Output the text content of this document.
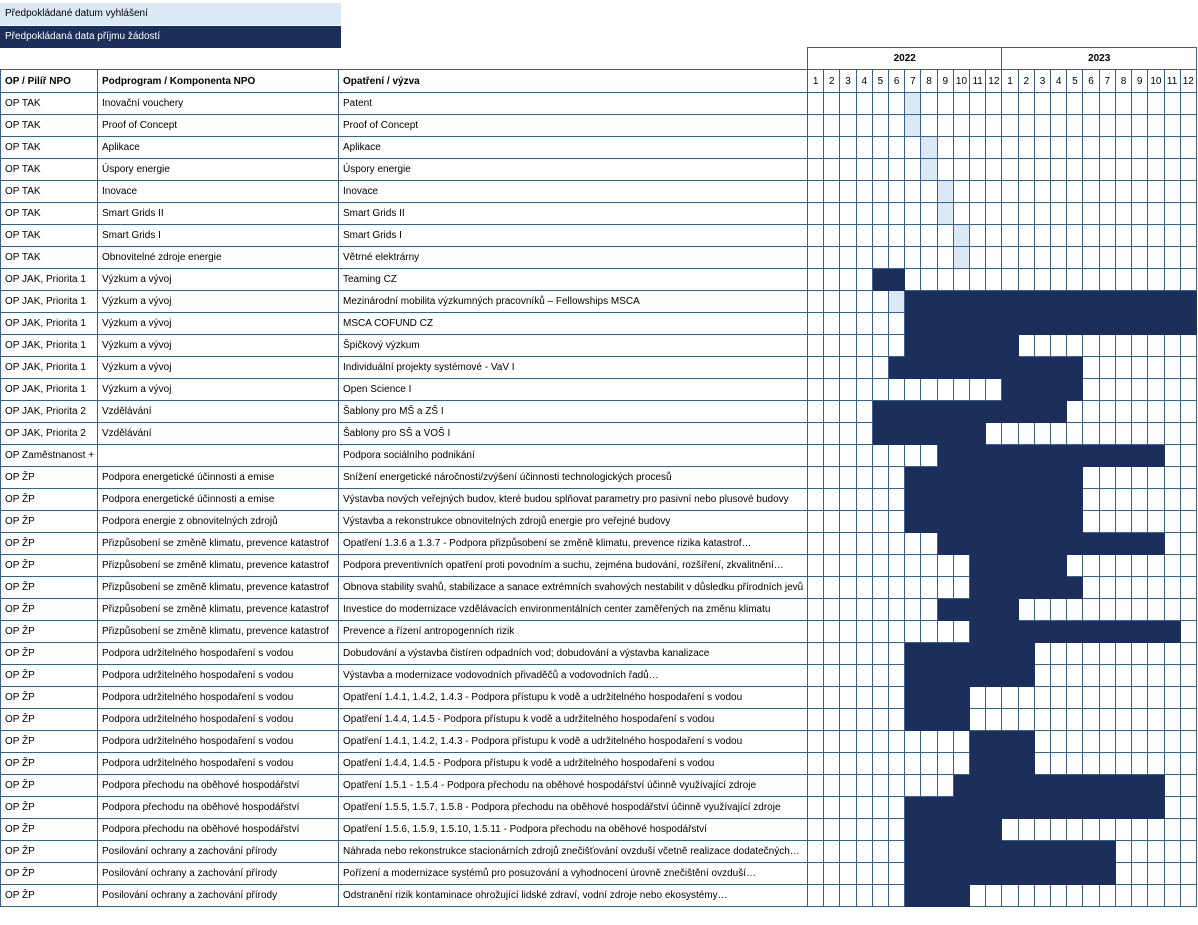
Předpokládané datum vyhlášení
Předpokládaná data příjmu žádostí
			2022												2023											
OP / Pilíř NPO	Podprogram / Komponenta NPO	Opatření / výzva	1	2	3	4	5	6	7	8	9	10	11	12	1	2	3	4	5	6	7	8	9	10	11	12
OP TAK	Inovační vouchery	Patent																								
OP TAK	Proof of Concept	Proof of Concept																								
OP TAK	Aplikace	Aplikace																								
OP TAK	Úspory energie	Úspory energie																								
OP TAK	Inovace	Inovace																								
OP TAK	Smart Grids II	Smart Grids II																								
OP TAK	Smart Grids I	Smart Grids I																								
OP TAK	Obnovitelné zdroje energie	Větrné elektrárny																								
OP JAK, Priorita 1	Výzkum a vývoj	Teaming CZ																								
OP JAK, Priorita 1	Výzkum a vývoj	Mezinárodní mobilita výzkumných pracovníků – Fellowships MSCA																								
OP JAK, Priorita 1	Výzkum a vývoj	MSCA COFUND CZ																								
OP JAK, Priorita 1	Výzkum a vývoj	Špičkový výzkum																								
OP JAK, Priorita 1	Výzkum a vývoj	Individuální projekty systémové - VaV I																								
OP JAK, Priorita 1	Výzkum a vývoj	Open Science I																								
OP JAK, Priorita 2	Vzdělávání	Šablony pro MŠ a ZŠ I																								
OP JAK, Priorita 2	Vzdělávání	Šablony pro SŠ a VOŠ I																								
OP Zaměstnanost +		Podpora sociálního podnikání																								
OP ŽP	Podpora energetické účinnosti a emise	Snížení energetické náročnosti/zvýšení účinnosti technologických procesů																								
OP ŽP	Podpora energetické účinnosti a emise	Výstavba nových veřejných budov, které budou splňovat parametry pro pasivní nebo plusové budovy																								
OP ŽP	Podpora energie z obnovitelných zdrojů	Výstavba a rekonstrukce obnovitelných zdrojů energie pro veřejné budovy																								
OP ŽP	Přizpůsobení se změně klimatu, prevence katastrof	Opatření 1.3.6 a 1.3.7 - Podpora přizpůsobení se změně klimatu, prevence rizika katastrof…																								
OP ŽP	Přizpůsobení se změně klimatu, prevence katastrof	Podpora preventivních opatření proti povodním a suchu, zejména budování, rozšíření, zkvalitnění…																								
OP ŽP	Přizpůsobení se změně klimatu, prevence katastrof	Obnova stability svahů, stabilizace a sanace extrémních svahových nestabilit v důsledku přírodních jevů																								
OP ŽP	Přizpůsobení se změně klimatu, prevence katastrof	Investice do modernizace vzdělávacích environmentálních center zaměřených na změnu klimatu																								
OP ŽP	Přizpůsobení se změně klimatu, prevence katastrof	Prevence a řízení antropogenních rizik																								
OP ŽP	Podpora udržitelného hospodaření s vodou	Dobudování a výstavba čistíren odpadních vod; dobudování a výstavba kanalizace																								
OP ŽP	Podpora udržitelného hospodaření s vodou	Výstavba a modernizace vodovodních přivaděčů a vodovodních řadů…																								
OP ŽP	Podpora udržitelného hospodaření s vodou	Opatření 1.4.1, 1.4.2, 1.4.3 - Podpora přístupu k vodě a udržitelného hospodaření s vodou																								
OP ŽP	Podpora udržitelného hospodaření s vodou	Opatření 1.4.4, 1.4.5 - Podpora přístupu k vodě a udržitelného hospodaření s vodou																								
OP ŽP	Podpora udržitelného hospodaření s vodou	Opatření 1.4.1, 1.4.2, 1.4.3 - Podpora přístupu k vodě a udržitelného hospodaření s vodou																								
OP ŽP	Podpora udržitelného hospodaření s vodou	Opatření 1.4.4, 1.4.5 - Podpora přístupu k vodě a udržitelného hospodaření s vodou																								
OP ŽP	Podpora přechodu na oběhové hospodářství	Opatření 1.5.1 - 1.5.4 - Podpora přechodu na oběhové hospodářství účinně využívající zdroje																								
OP ŽP	Podpora přechodu na oběhové hospodářství	Opatření 1.5.5, 1.5.7, 1.5.8 - Podpora přechodu na oběhové hospodářství účinně využívající zdroje																								
OP ŽP	Podpora přechodu na oběhové hospodářství	Opatření 1.5.6, 1.5.9, 1.5.10, 1.5.11 - Podpora přechodu na oběhové hospodářství																								
OP ŽP	Posilování ochrany a zachování přírody	Náhrada nebo rekonstrukce stacionárních zdrojů znečišťování ovzduší včetně realizace dodatečných…																								
OP ŽP	Posilování ochrany a zachování přírody	Pořízení a modernizace systémů pro posuzování a vyhodnocení úrovně znečištění ovzduší…																								
OP ŽP	Posilování ochrany a zachování přírody	Odstranění rizik kontaminace ohrožující lidské zdraví, vodní zdroje nebo ekosystémy…																								
